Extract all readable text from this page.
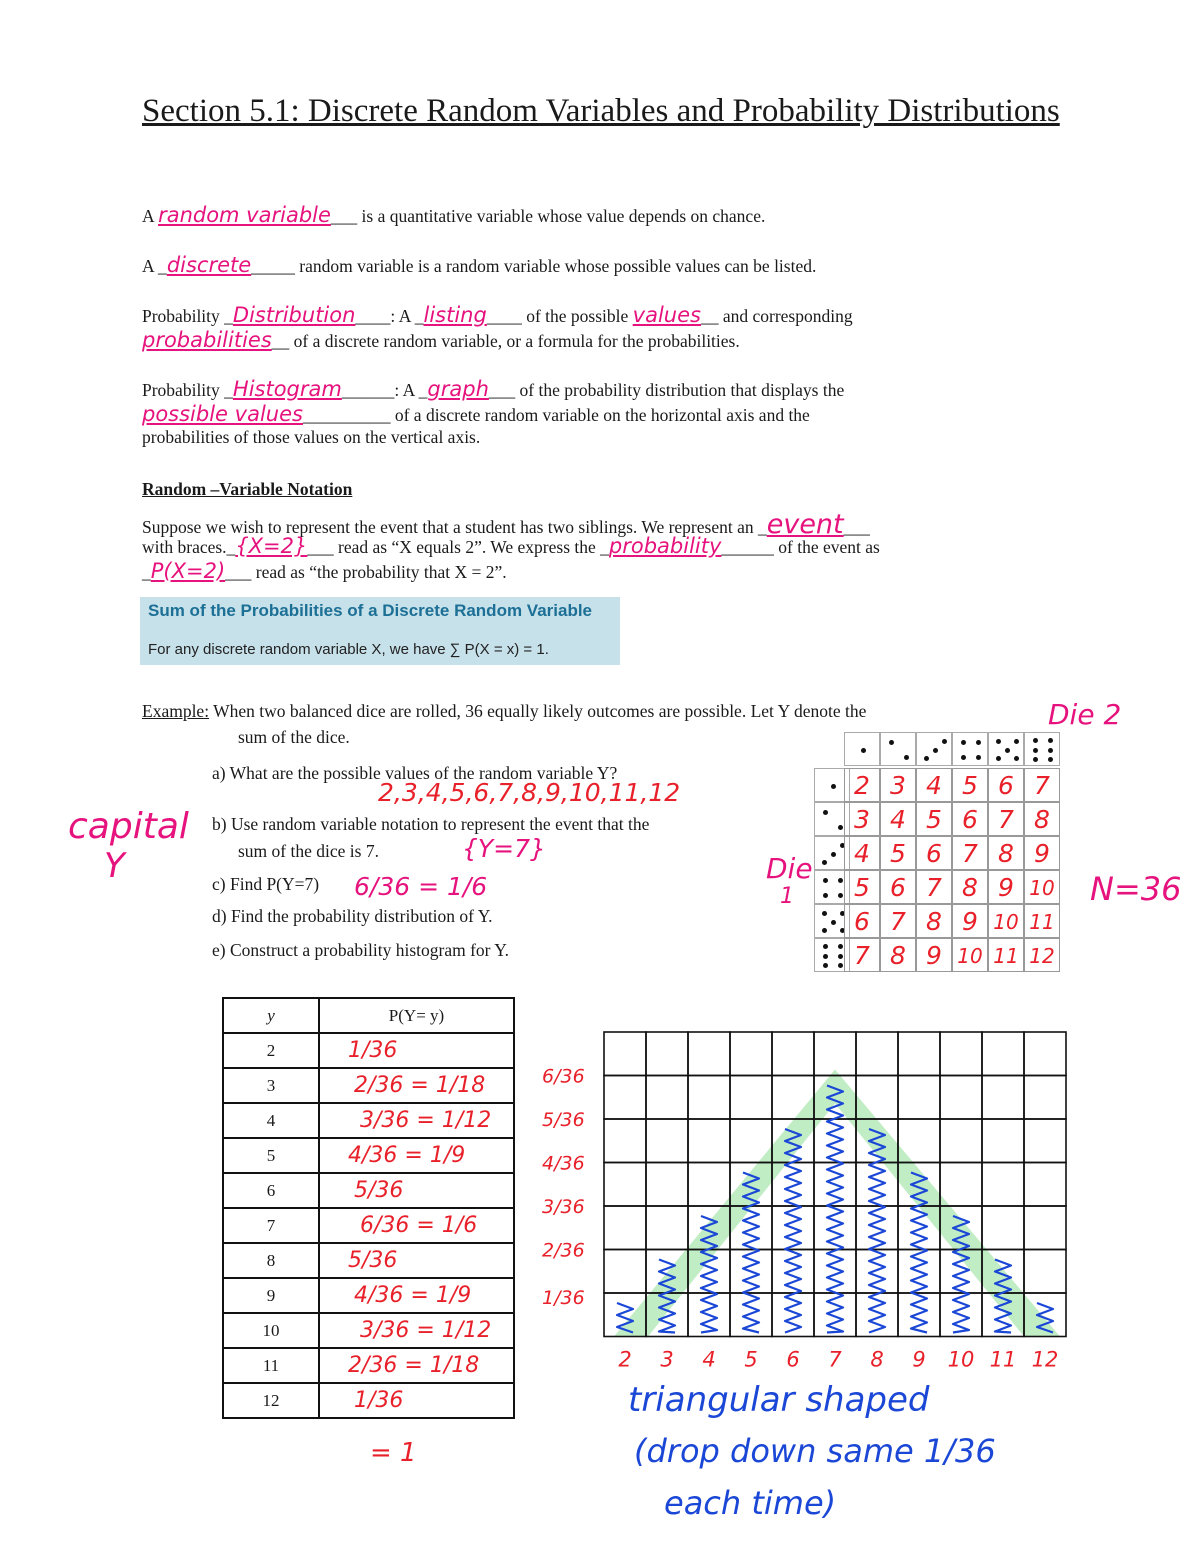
Section 5.1: Discrete Random Variables and Probability Distributions
A random variable___ is a quantitative variable whose value depends on chance.
A _discrete_____ random variable is a random variable whose possible values can be listed.
Probability _Distribution____: A _listing____ of the possible values__ and corresponding
probabilities__ of a discrete random variable, or a formula for the probabilities.
Probability _Histogram______: A _graph___ of the probability distribution that displays the
possible values__________ of a discrete random variable on the horizontal axis and the
probabilities of those values on the vertical axis.
Random –Variable Notation
Suppose we wish to represent the event that a student has two siblings. We represent an _event___
with braces._{X=2}___ read as “X equals 2”. We express the _probability______ of the event as
_P(X=2)___ read as “the probability that X = 2”.
Sum of the Probabilities of a Discrete Random Variable
For any discrete random variable X, we have ∑ P(X = x) = 1.
Example: When two balanced dice are rolled, 36 equally likely outcomes are possible. Let Y denote the
sum of the dice.
a) What are the possible values of the random variable Y?
2,3,4,5,6,7,8,9,10,11,12
b) Use random variable notation to represent the event that the
sum of the dice is 7.	{Y=7}
c) Find P(Y=7) 6/36 = 1/6
d) Find the probability distribution of Y.
e) Construct a probability histogram for Y.
capital
Y
Die 2
Die
1	N=36
2 3 4 5 6 7
3 4 5 6 7 8
4 5 6 7 8 9
5 6 7 8 9 10
6 7 8 9 10 11
7 8 9 10 11 12
y	P(Y= y)
2	1/36
3	2/36 = 1/18
4	3/36 = 1/12
5	4/36 = 1/9
6	5/36
7	6/36 = 1/6
8	5/36
9	4/36 = 1/9
10	3/36 = 1/12
11	2/36 = 1/18
12	1/36
= 1
2 3 4 5 6 7 8 9 10 11 12
1/36
2/36
3/36
4/36
5/36
6/36
triangular shaped
(drop down same 1/36
each time)
